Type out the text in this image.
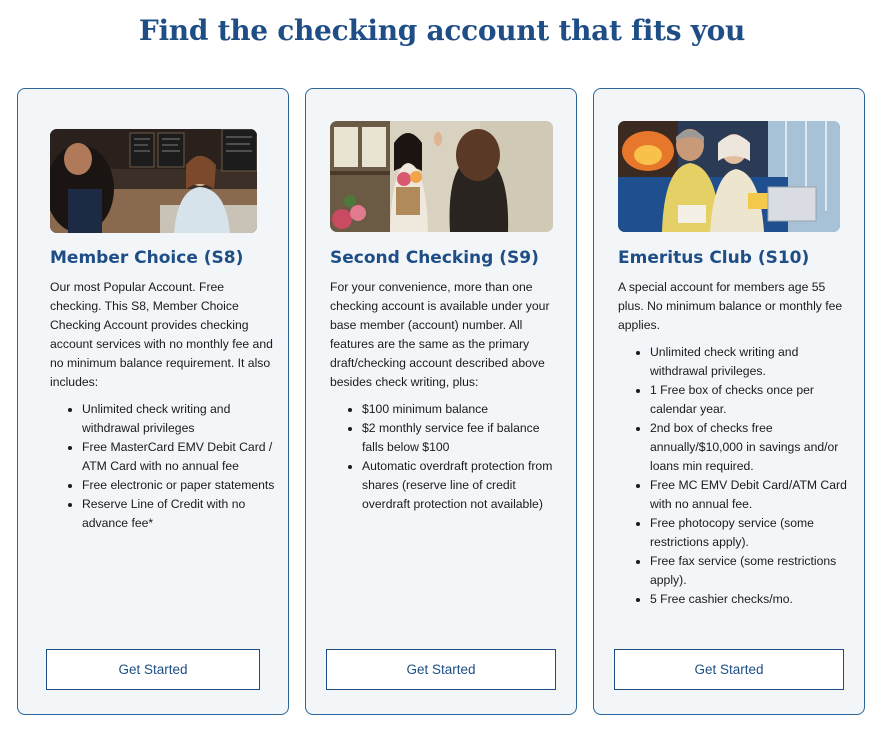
Find the checking account that fits you
Member Choice (S8)

Our most Popular Account. Free checking. This S8, Member Choice Checking Account provides checking account services with no monthly fee and no minimum balance requirement. It also includes:

• Unlimited check writing and withdrawal privileges
• Free MasterCard EMV Debit Card / ATM Card with no annual fee
• Free electronic or paper statements
• Reserve Line of Credit with no advance fee*
Get Started
Second Checking (S9)

For your convenience, more than one checking account is available under your base member (account) number. All features are the same as the primary draft/checking account described above besides check writing, plus:

• $100 minimum balance
• $2 monthly service fee if balance falls below $100
• Automatic overdraft protection from shares (reserve line of credit overdraft protection not available)
Get Started
Emeritus Club (S10)

A special account for members age 55 plus. No minimum balance or monthly fee applies.

• Unlimited check writing and withdrawal privileges.
• 1 Free box of checks once per calendar year.
• 2nd box of checks free annually/$10,000 in savings and/or loans min required.
• Free MC EMV Debit Card/ATM Card with no annual fee.
• Free photocopy service (some restrictions apply).
• Free fax service (some restrictions apply).
• 5 Free cashier checks/mo.
Get Started
